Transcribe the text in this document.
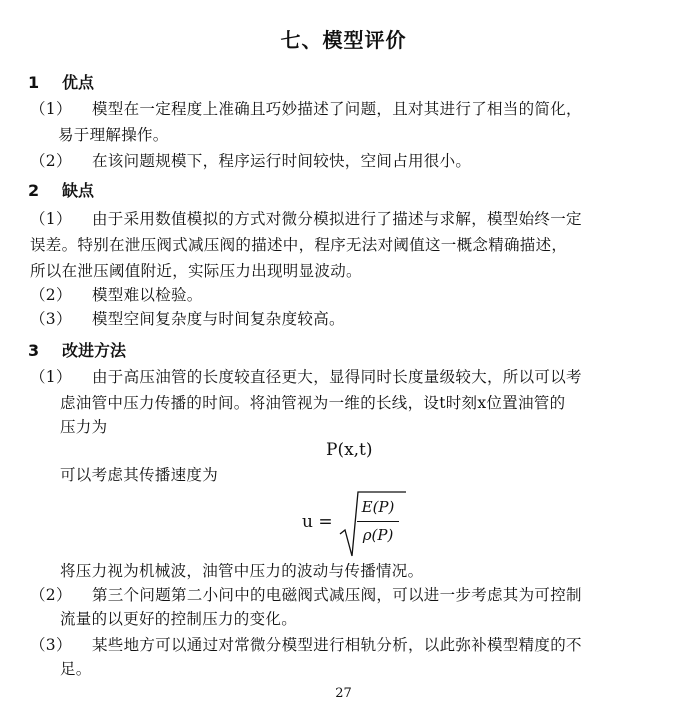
七、模型评价
1 优点
（1） 模型在一定程度上准确且巧妙描述了问题，且对其进行了相当的简化，
易于理解操作。
（2） 在该问题规模下，程序运行时间较快，空间占用很小。
2 缺点
（1） 由于采用数值模拟的方式对微分模拟进行了描述与求解，模型始终一定
误差。特别在泄压阀式减压阀的描述中，程序无法对阈值这一概念精确描述，
所以在泄压阈值附近，实际压力出现明显波动。
（2） 模型难以检验。
（3） 模型空间复杂度与时间复杂度较高。
3 改进方法
（1） 由于高压油管的长度较直径更大，显得同时长度量级较大，所以可以考
虑油管中压力传播的时间。将油管视为一维的长线，设t时刻x位置油管的
压力为
P(x,t)
可以考虑其传播速度为
u =
E(P)
ρ(P)
将压力视为机械波，油管中压力的波动与传播情况。
（2） 第三个问题第二小问中的电磁阀式减压阀，可以进一步考虑其为可控制
流量的以更好的控制压力的变化。
（3） 某些地方可以通过对常微分模型进行相轨分析，以此弥补模型精度的不
足。
27
